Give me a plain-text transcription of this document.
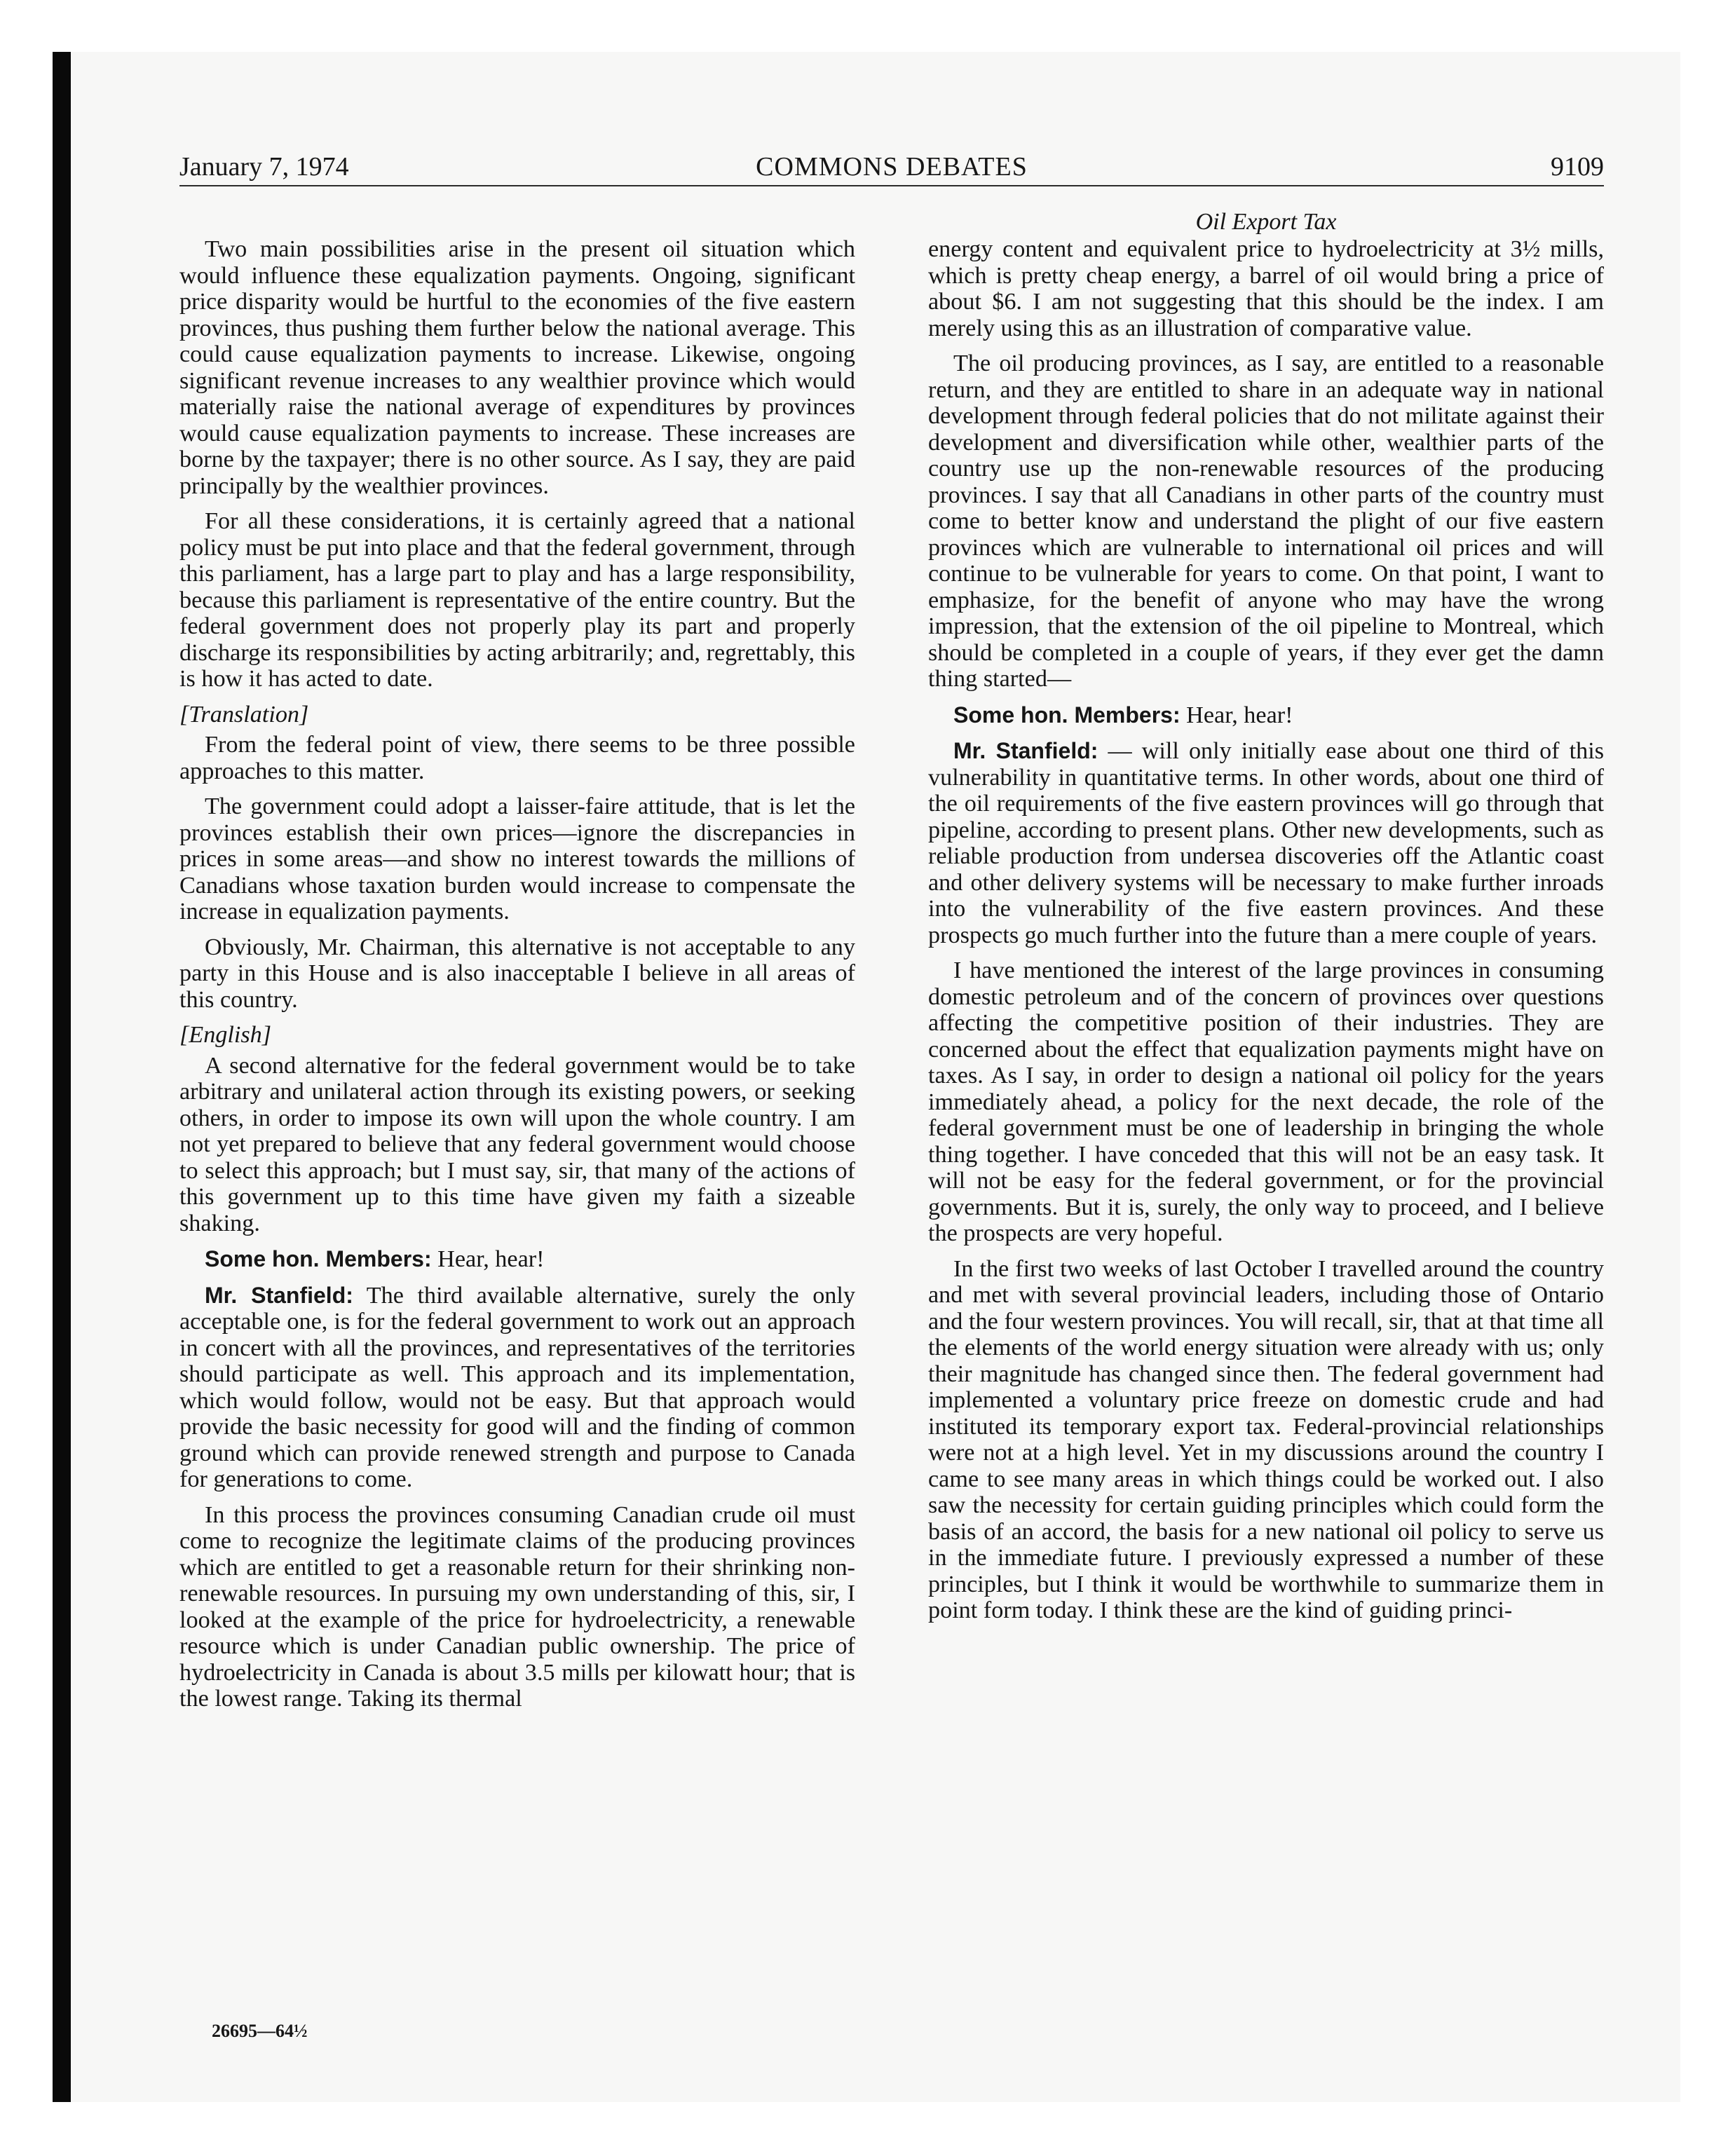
January 7, 1974	COMMONS DEBATES	9109
Oil Export Tax

Two main possibilities arise in the present oil situation which would influence these equalization payments. Ongoing, significant price disparity would be hurtful to the economies of the five eastern provinces, thus pushing them further below the national average. This could cause equalization payments to increase. Likewise, ongoing significant revenue increases to any wealthier province which would materially raise the national average of expenditures by provinces would cause equalization payments to increase. These increases are borne by the taxpayer; there is no other source. As I say, they are paid principally by the wealthier provinces.

For all these considerations, it is certainly agreed that a national policy must be put into place and that the federal government, through this parliament, has a large part to play and has a large responsibility, because this parliament is representative of the entire country. But the federal government does not properly play its part and properly discharge its responsibilities by acting arbitrarily; and, regrettably, this is how it has acted to date.

[Translation]

From the federal point of view, there seems to be three possible approaches to this matter.

The government could adopt a laisser-faire attitude, that is let the provinces establish their own prices—ignore the discrepancies in prices in some areas—and show no interest towards the millions of Canadians whose taxation burden would increase to compensate the increase in equalization payments.

Obviously, Mr. Chairman, this alternative is not acceptable to any party in this House and is also inacceptable I believe in all areas of this country.

[English]

A second alternative for the federal government would be to take arbitrary and unilateral action through its existing powers, or seeking others, in order to impose its own will upon the whole country. I am not yet prepared to believe that any federal government would choose to select this approach; but I must say, sir, that many of the actions of this government up to this time have given my faith a sizeable shaking.

Some hon. Members: Hear, hear!

Mr. Stanfield: The third available alternative, surely the only acceptable one, is for the federal government to work out an approach in concert with all the provinces, and representatives of the territories should participate as well. This approach and its implementation, which would follow, would not be easy. But that approach would provide the basic necessity for good will and the finding of common ground which can provide renewed strength and purpose to Canada for generations to come.

In this process the provinces consuming Canadian crude oil must come to recognize the legitimate claims of the producing provinces which are entitled to get a reasonable return for their shrinking non-renewable resources. In pursuing my own understanding of this, sir, I looked at the example of the price for hydroelectricity, a renewable resource which is under Canadian public ownership. The price of hydroelectricity in Canada is about 3.5 mills per kilowatt hour; that is the lowest range. Taking its thermal

energy content and equivalent price to hydroelectricity at 3½ mills, which is pretty cheap energy, a barrel of oil would bring a price of about $6. I am not suggesting that this should be the index. I am merely using this as an illustration of comparative value.

The oil producing provinces, as I say, are entitled to a reasonable return, and they are entitled to share in an adequate way in national development through federal policies that do not militate against their development and diversification while other, wealthier parts of the country use up the non-renewable resources of the producing provinces. I say that all Canadians in other parts of the country must come to better know and understand the plight of our five eastern provinces which are vulnerable to international oil prices and will continue to be vulnerable for years to come. On that point, I want to emphasize, for the benefit of anyone who may have the wrong impression, that the extension of the oil pipeline to Montreal, which should be completed in a couple of years, if they ever get the damn thing started—

Some hon. Members: Hear, hear!

Mr. Stanfield: — will only initially ease about one third of this vulnerability in quantitative terms. In other words, about one third of the oil requirements of the five eastern provinces will go through that pipeline, according to present plans. Other new developments, such as reliable production from undersea discoveries off the Atlantic coast and other delivery systems will be necessary to make further inroads into the vulnerability of the five eastern provinces. And these prospects go much further into the future than a mere couple of years.

I have mentioned the interest of the large provinces in consuming domestic petroleum and of the concern of provinces over questions affecting the competitive position of their industries. They are concerned about the effect that equalization payments might have on taxes. As I say, in order to design a national oil policy for the years immediately ahead, a policy for the next decade, the role of the federal government must be one of leadership in bringing the whole thing together. I have conceded that this will not be an easy task. It will not be easy for the federal government, or for the provincial governments. But it is, surely, the only way to proceed, and I believe the prospects are very hopeful.

In the first two weeks of last October I travelled around the country and met with several provincial leaders, including those of Ontario and the four western provinces. You will recall, sir, that at that time all the elements of the world energy situation were already with us; only their magnitude has changed since then. The federal government had implemented a voluntary price freeze on domestic crude and had instituted its temporary export tax. Federal-provincial relationships were not at a high level. Yet in my discussions around the country I came to see many areas in which things could be worked out. I also saw the necessity for certain guiding principles which could form the basis of an accord, the basis for a new national oil policy to serve us in the immediate future. I previously expressed a number of these principles, but I think it would be worthwhile to summarize them in point form today. I think these are the kind of guiding princi-

26695—64½
